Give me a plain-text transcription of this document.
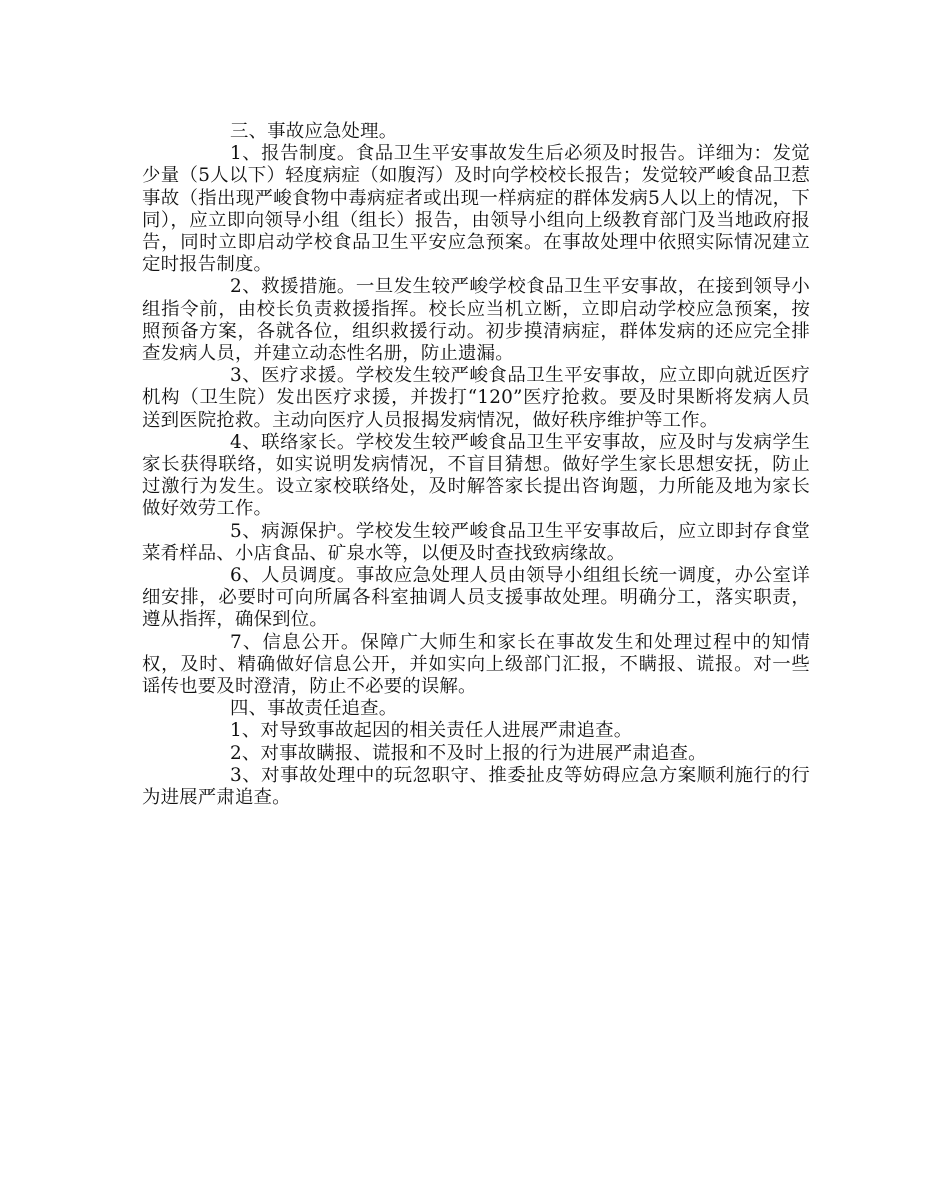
三、事故应急处理。

1、报告制度。食品卫生平安事故发生后必须及时报告。详细为：发觉少量（5人以下）轻度病症（如腹泻）及时向学校校长报告；发觉较严峻食品卫惹事故（指出现严峻食物中毒病症者或出现一样病症的群体发病5人以上的情况，下同），应立即向领导小组（组长）报告，由领导小组向上级教育部门及当地政府报告，同时立即启动学校食品卫生平安应急预案。在事故处理中依照实际情况建立定时报告制度。

2、救援措施。一旦发生较严峻学校食品卫生平安事故，在接到领导小组指令前，由校长负责救援指挥。校长应当机立断，立即启动学校应急预案，按照预备方案，各就各位，组织救援行动。初步摸清病症，群体发病的还应完全排查发病人员，并建立动态性名册，防止遗漏。

3、医疗求援。学校发生较严峻食品卫生平安事故，应立即向就近医疗机构（卫生院）发出医疗求援，并拨打“120”医疗抢救。要及时果断将发病人员送到医院抢救。主动向医疗人员报揭发病情况，做好秩序维护等工作。

4、联络家长。学校发生较严峻食品卫生平安事故，应及时与发病学生家长获得联络，如实说明发病情况，不盲目猜想。做好学生家长思想安抚，防止过激行为发生。设立家校联络处，及时解答家长提出咨询题，力所能及地为家长做好效劳工作。

5、病源保护。学校发生较严峻食品卫生平安事故后，应立即封存食堂菜肴样品、小店食品、矿泉水等，以便及时查找致病缘故。

6、人员调度。事故应急处理人员由领导小组组长统一调度，办公室详细安排，必要时可向所属各科室抽调人员支援事故处理。明确分工，落实职责，遵从指挥，确保到位。

7、信息公开。保障广大师生和家长在事故发生和处理过程中的知情权，及时、精确做好信息公开，并如实向上级部门汇报，不瞒报、谎报。对一些谣传也要及时澄清，防止不必要的误解。

四、事故责任追查。

1、对导致事故起因的相关责任人进展严肃追查。

2、对事故瞒报、谎报和不及时上报的行为进展严肃追查。

3、对事故处理中的玩忽职守、推委扯皮等妨碍应急方案顺利施行的行为进展严肃追查。
